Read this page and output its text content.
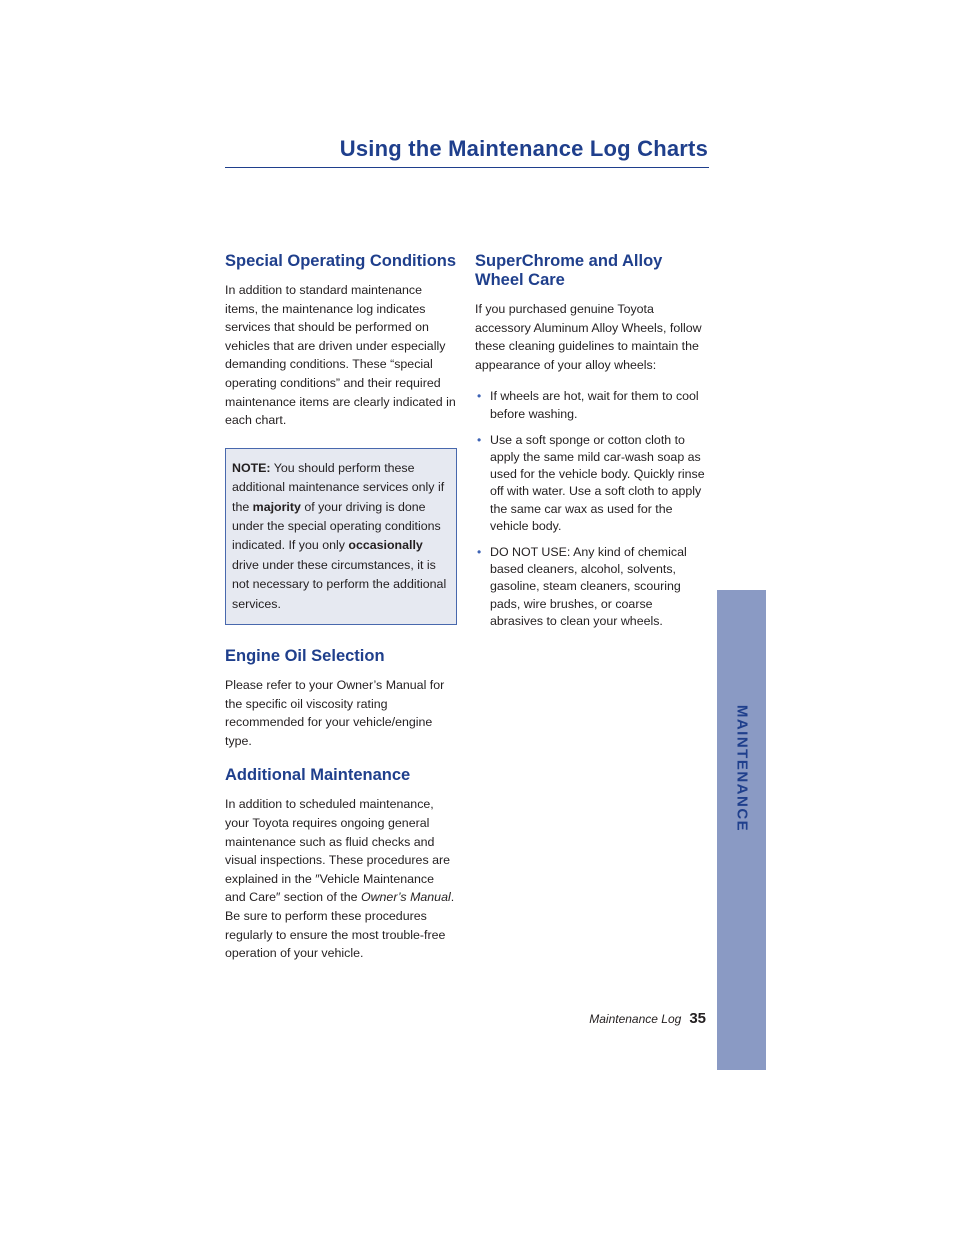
Using the Maintenance Log Charts
Special Operating Conditions

In addition to standard maintenance items, the maintenance log indicates services that should be performed on vehicles that are driven under especially demanding conditions. These “special operating conditions” and their required maintenance items are clearly indicated in each chart.

NOTE: You should perform these additional maintenance services only if the majority of your driving is done under the special operating conditions indicated. If you only occasionally drive under these circumstances, it is not necessary to perform the additional services.

Engine Oil Selection

Please refer to your Owner’s Manual for the specific oil viscosity rating recommended for your vehicle/engine type.

Additional Maintenance

In addition to scheduled maintenance, your Toyota requires ongoing general maintenance such as fluid checks and visual inspections. These procedures are explained in the ″Vehicle Maintenance and Care″ section of the Owner’s Manual. Be sure to perform these procedures regularly to ensure the most trouble-free operation of your vehicle.

SuperChrome and Alloy Wheel Care

If you purchased genuine Toyota accessory Aluminum Alloy Wheels, follow these cleaning guidelines to maintain the appearance of your alloy wheels:

• If wheels are hot, wait for them to cool before washing.
• Use a soft sponge or cotton cloth to apply the same mild car-wash soap as used for the vehicle body. Quickly rinse off with water. Use a soft cloth to apply the same car wax as used for the vehicle body.
• DO NOT USE: Any kind of chemical based cleaners, alcohol, solvents, gasoline, steam cleaners, scouring pads, wire brushes, or coarse abrasives to clean your wheels.
MAINTENANCE
Maintenance Log 35
